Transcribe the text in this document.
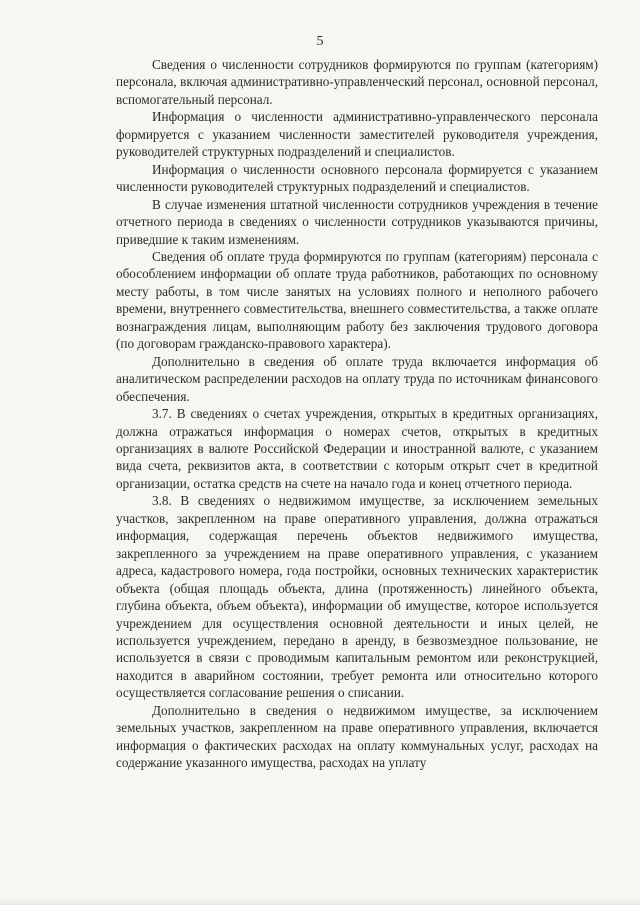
5

Сведения о численности сотрудников формируются по группам (категориям) персонала, включая административно-управленческий персонал, основной персонал, вспомогательный персонал.

Информация о численности административно-управленческого персонала формируется с указанием численности заместителей руководителя учреждения, руководителей структурных подразделений и специалистов.

Информация о численности основного персонала формируется с указанием численности руководителей структурных подразделений и специалистов.

В случае изменения штатной численности сотрудников учреждения в течение отчетного периода в сведениях о численности сотрудников указываются причины, приведшие к таким изменениям.

Сведения об оплате труда формируются по группам (категориям) персонала с обособлением информации об оплате труда работников, работающих по основному месту работы, в том числе занятых на условиях полного и неполного рабочего времени, внутреннего совместительства, внешнего совместительства, а также оплате вознаграждения лицам, выполняющим работу без заключения трудового договора (по договорам гражданско-правового характера).

Дополнительно в сведения об оплате труда включается информация об аналитическом распределении расходов на оплату труда по источникам финансового обеспечения.

3.7. В сведениях о счетах учреждения, открытых в кредитных организациях, должна отражаться информация о номерах счетов, открытых в кредитных организациях в валюте Российской Федерации и иностранной валюте, с указанием вида счета, реквизитов акта, в соответствии с которым открыт счет в кредитной организации, остатка средств на счете на начало года и конец отчетного периода.

3.8. В сведениях о недвижимом имуществе, за исключением земельных участков, закрепленном на праве оперативного управления, должна отражаться информация, содержащая перечень объектов недвижимого имущества, закрепленного за учреждением на праве оперативного управления, с указанием адреса, кадастрового номера, года постройки, основных технических характеристик объекта (общая площадь объекта, длина (протяженность) линейного объекта, глубина объекта, объем объекта), информации об имуществе, которое используется учреждением для осуществления основной деятельности и иных целей, не используется учреждением, передано в аренду, в безвозмездное пользование, не используется в связи с проводимым капитальным ремонтом или реконструкцией, находится в аварийном состоянии, требует ремонта или относительно которого осуществляется согласование решения о списании.

Дополнительно в сведения о недвижимом имуществе, за исключением земельных участков, закрепленном на праве оперативного управления, включается информация о фактических расходах на оплату коммунальных услуг, расходах на содержание указанного имущества, расходах на уплату
